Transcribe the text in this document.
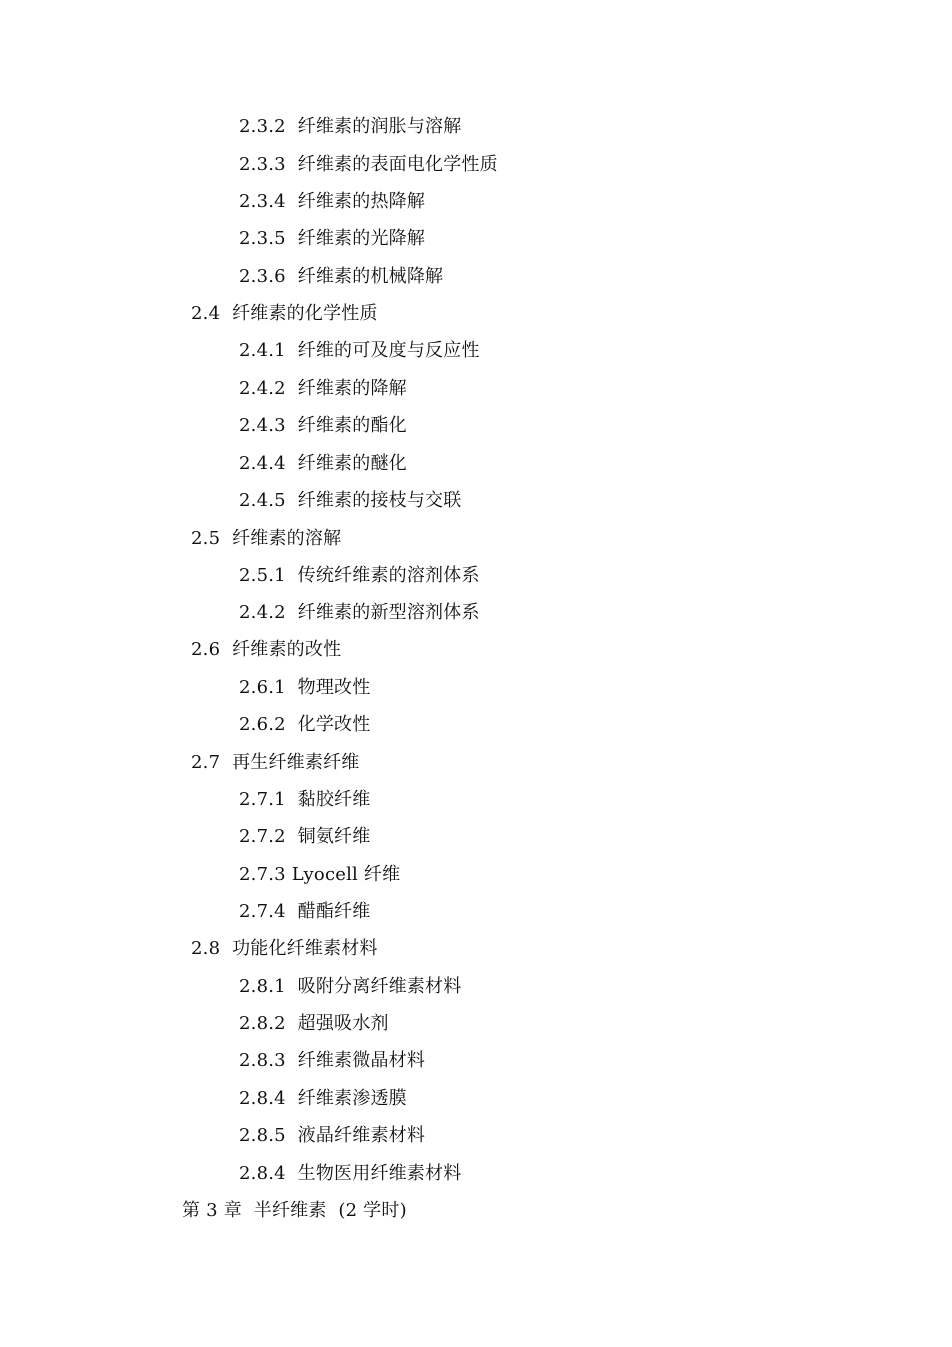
2.3.2  纤维素的润胀与溶解
2.3.3  纤维素的表面电化学性质
2.3.4  纤维素的热降解
2.3.5  纤维素的光降解
2.3.6  纤维素的机械降解
2.4  纤维素的化学性质
2.4.1  纤维的可及度与反应性
2.4.2  纤维素的降解
2.4.3  纤维素的酯化
2.4.4  纤维素的醚化
2.4.5  纤维素的接枝与交联
2.5  纤维素的溶解
2.5.1  传统纤维素的溶剂体系
2.4.2  纤维素的新型溶剂体系
2.6  纤维素的改性
2.6.1  物理改性
2.6.2  化学改性
2.7  再生纤维素纤维
2.7.1  黏胶纤维
2.7.2  铜氨纤维
2.7.3 Lyocell 纤维
2.7.4  醋酯纤维
2.8  功能化纤维素材料
2.8.1  吸附分离纤维素材料
2.8.2  超强吸水剂
2.8.3  纤维素微晶材料
2.8.4  纤维素渗透膜
2.8.5  液晶纤维素材料
2.8.4  生物医用纤维素材料
第 3 章  半纤维素  (2 学时)
